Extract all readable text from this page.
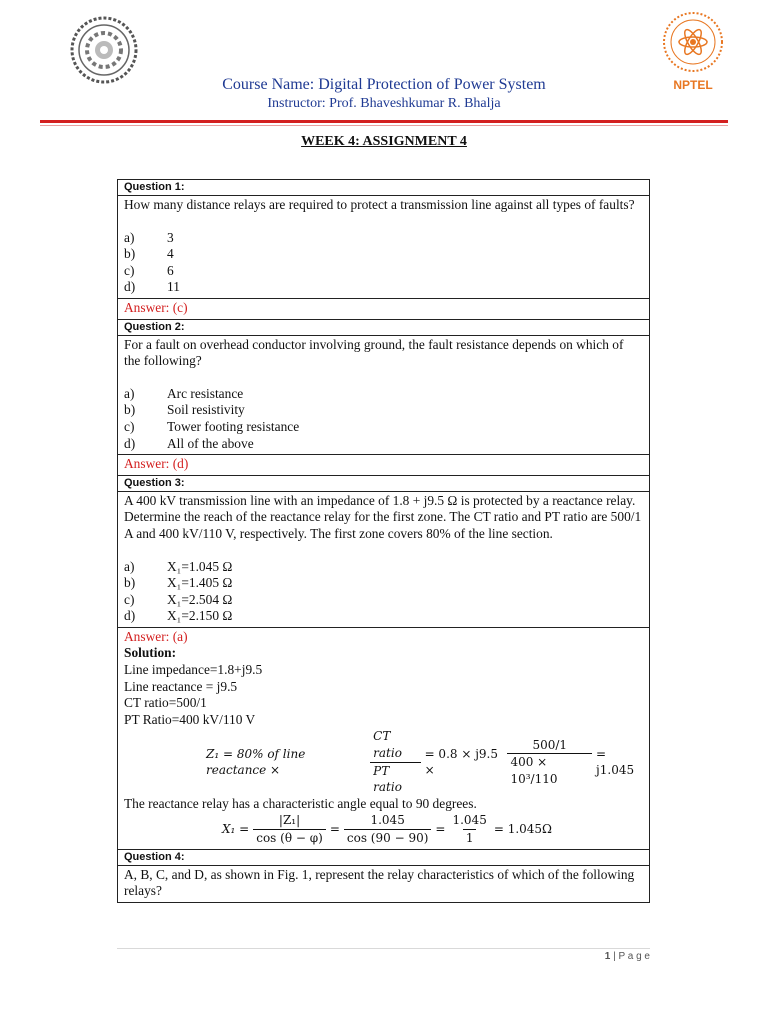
NPTEL
Course Name: Digital Protection of Power System
Instructor: Prof. Bhaveshkumar R. Bhalja
WEEK 4: ASSIGNMENT 4
Question 1:

How many distance relays are required to protect a transmission line against all types of faults?
a)	3
b)	4
c)	6
d)	11

Answer: (c)
Question 2:

For a fault on overhead conductor involving ground, the fault resistance depends on which of the following?
a)	Arc resistance
b)	Soil resistivity
c)	Tower footing resistance
d)	All of the above

Answer: (d)
Question 3:

A 400 kV transmission line with an impedance of 1.8 + j9.5 Ω is protected by a reactance relay. Determine the reach of the reactance relay for the first zone. The CT ratio and PT ratio are 500/1 A and 400 kV/110 V, respectively. The first zone covers 80% of the line section.
a)	X₁=1.045 Ω
b)	X₁=1.405 Ω
c)	X₁=2.504 Ω
d)	X₁=2.150 Ω

Answer: (a)
Solution:
Line impedance=1.8+j9.5
Line reactance = j9.5
CT ratio=500/1
PT Ratio=400 kV/110 V
Z₁ = 80% of line reactance ×	$\frac{\text{CT ratio}}{\text{PT ratio}} = 0.8 \times j9.5$ ×	$\frac{500/1}{\text{400 × 10³/110}} = j1.045$
The reactance relay has a characteristic angle equal to 90 degrees.
$X_1 = \frac{\text{|Z₁|}}{\cos (\theta - \varphi)} = \frac{1.045}{\cos (90 - 90)} = \frac{1.045}{1} = 1.045\Omega$

Question 4:

A, B, C, and D, as shown in Fig. 1, represent the relay characteristics of which of the following relays?
1 | P a g e
